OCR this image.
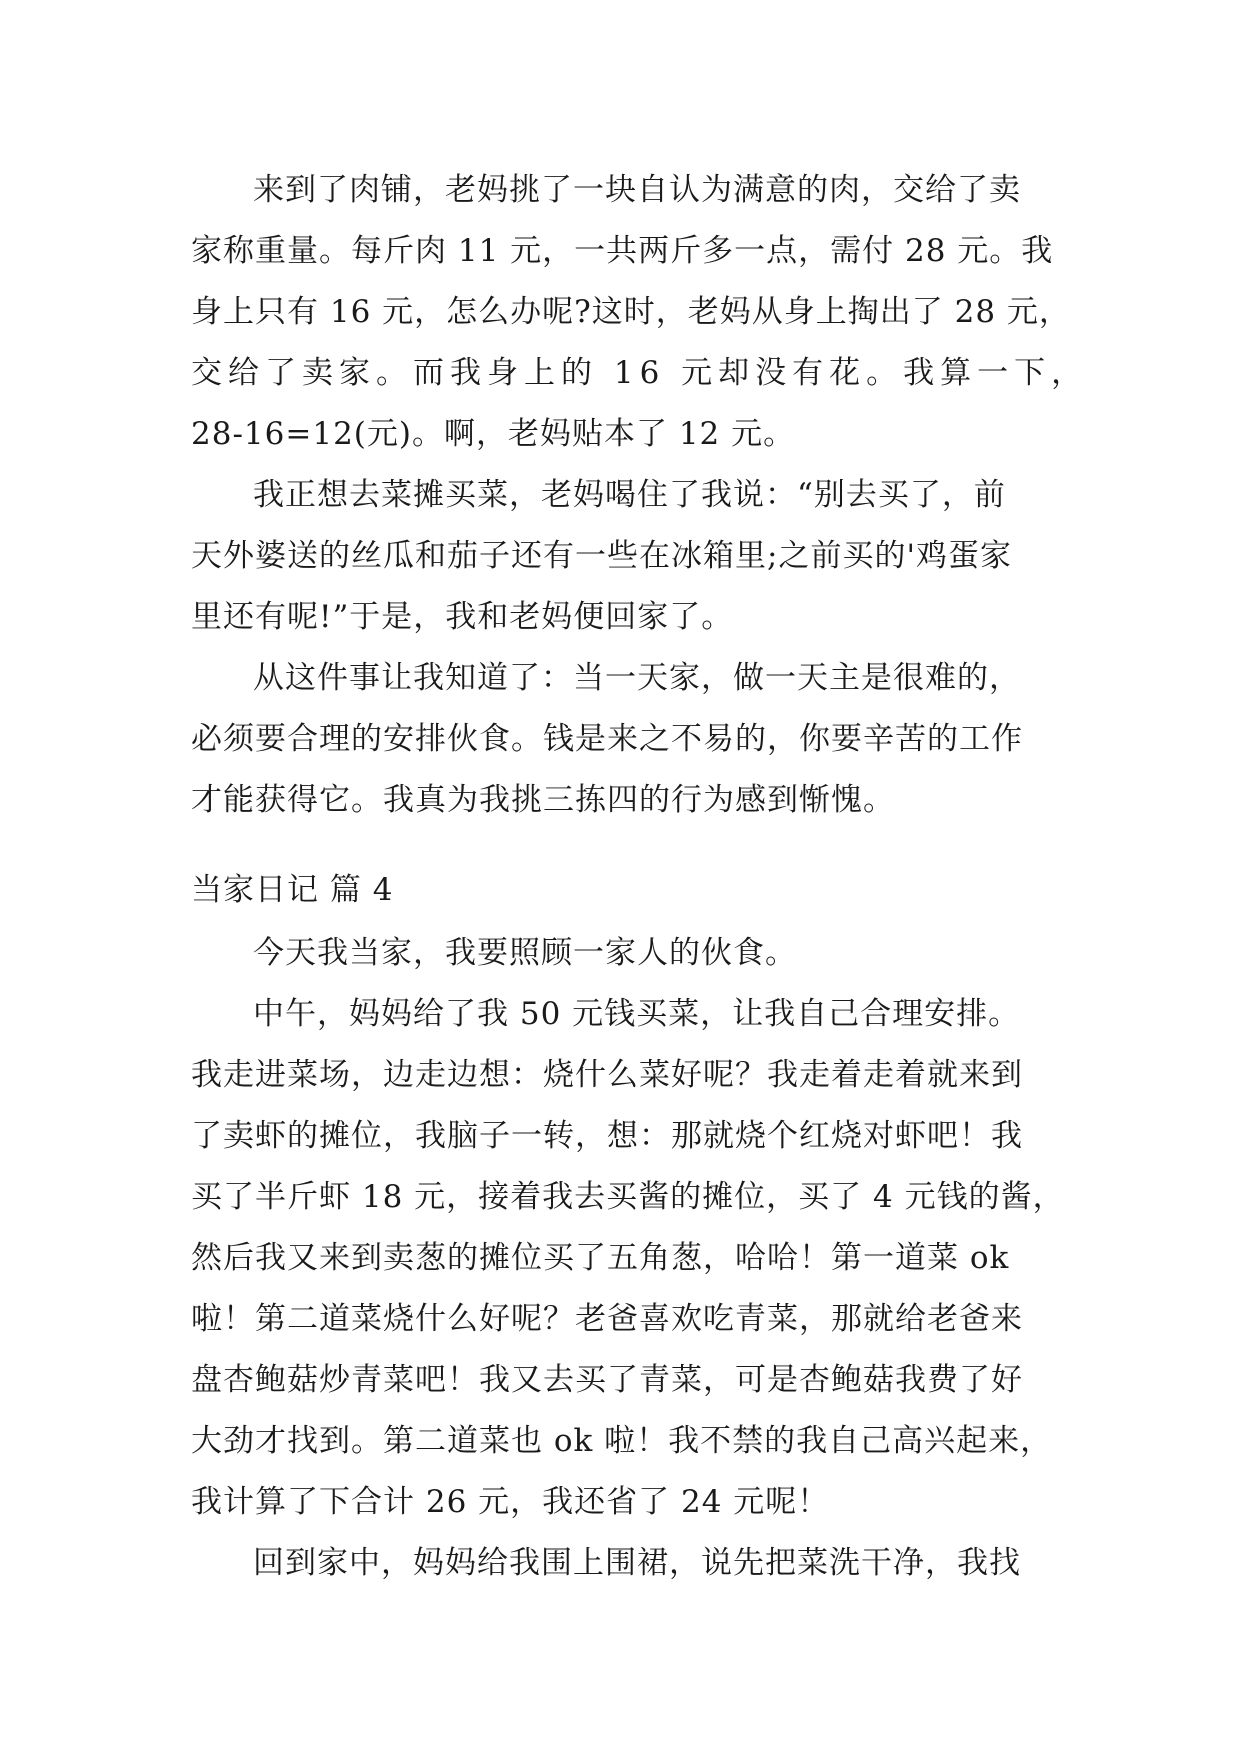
来到了肉铺，老妈挑了一块自认为满意的肉，交给了卖
家称重量。每斤肉 11 元，一共两斤多一点，需付 28 元。我
身上只有 16 元，怎么办呢?这时，老妈从身上掏出了 28 元，
交给了卖家。而我身上的 16 元却没有花。我算一下，
28-16=12(元)。啊，老妈贴本了 12 元。

我正想去菜摊买菜，老妈喝住了我说：“别去买了，前
天外婆送的丝瓜和茄子还有一些在冰箱里;之前买的'鸡蛋家
里还有呢!”于是，我和老妈便回家了。

从这件事让我知道了：当一天家，做一天主是很难的，
必须要合理的安排伙食。钱是来之不易的，你要辛苦的工作
才能获得它。我真为我挑三拣四的行为感到惭愧。

当家日记 篇 4

今天我当家，我要照顾一家人的伙食。

中午，妈妈给了我 50 元钱买菜，让我自己合理安排。
我走进菜场，边走边想：烧什么菜好呢？我走着走着就来到
了卖虾的摊位，我脑子一转，想：那就烧个红烧对虾吧！我
买了半斤虾 18 元，接着我去买酱的摊位，买了 4 元钱的酱，
然后我又来到卖葱的摊位买了五角葱，哈哈！第一道菜 ok
啦！第二道菜烧什么好呢？老爸喜欢吃青菜，那就给老爸来
盘杏鲍菇炒青菜吧！我又去买了青菜，可是杏鲍菇我费了好
大劲才找到。第二道菜也 ok 啦！我不禁的我自己高兴起来，
我计算了下合计 26 元，我还省了 24 元呢！

回到家中，妈妈给我围上围裙，说先把菜洗干净，我找
